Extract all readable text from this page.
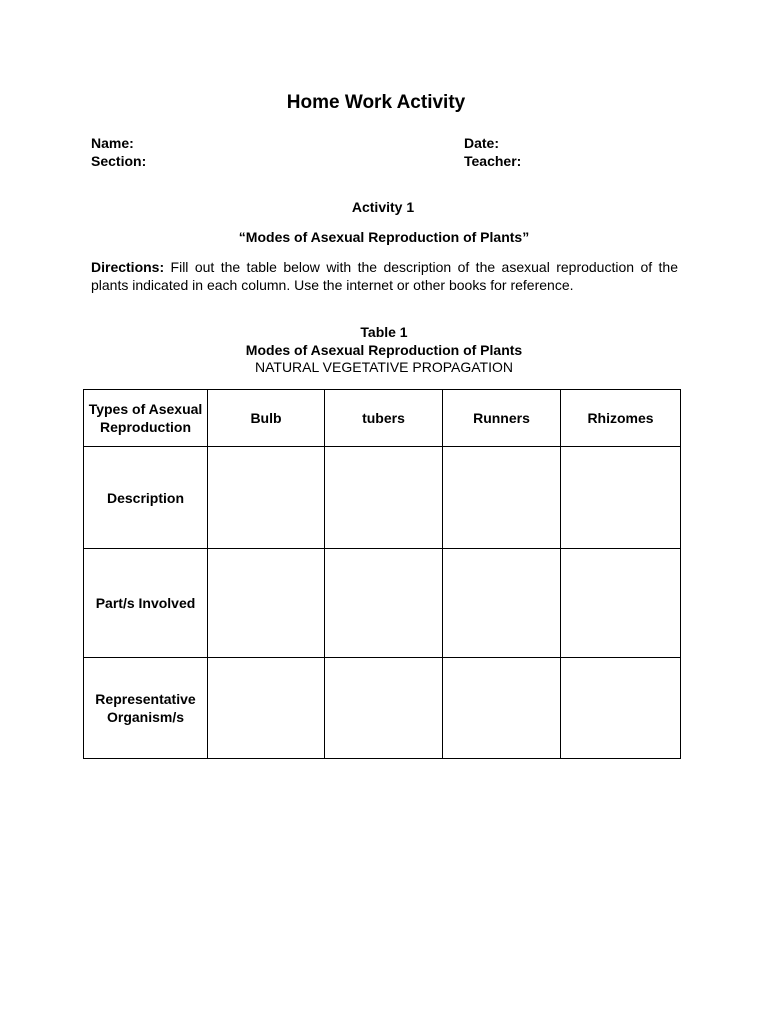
Home Work Activity
Name:
Section:
Date:
Teacher:
Activity 1
“Modes of Asexual Reproduction of Plants”
Directions: Fill out the table below with the description of the asexual reproduction of the plants indicated in each column. Use the internet or other books for reference.
Table 1
Modes of Asexual Reproduction of Plants
NATURAL VEGETATIVE PROPAGATION
Types of Asexual Reproduction	Bulb	tubers	Runners	Rhizomes
Description				
Part/s Involved				
Representative Organism/s				
